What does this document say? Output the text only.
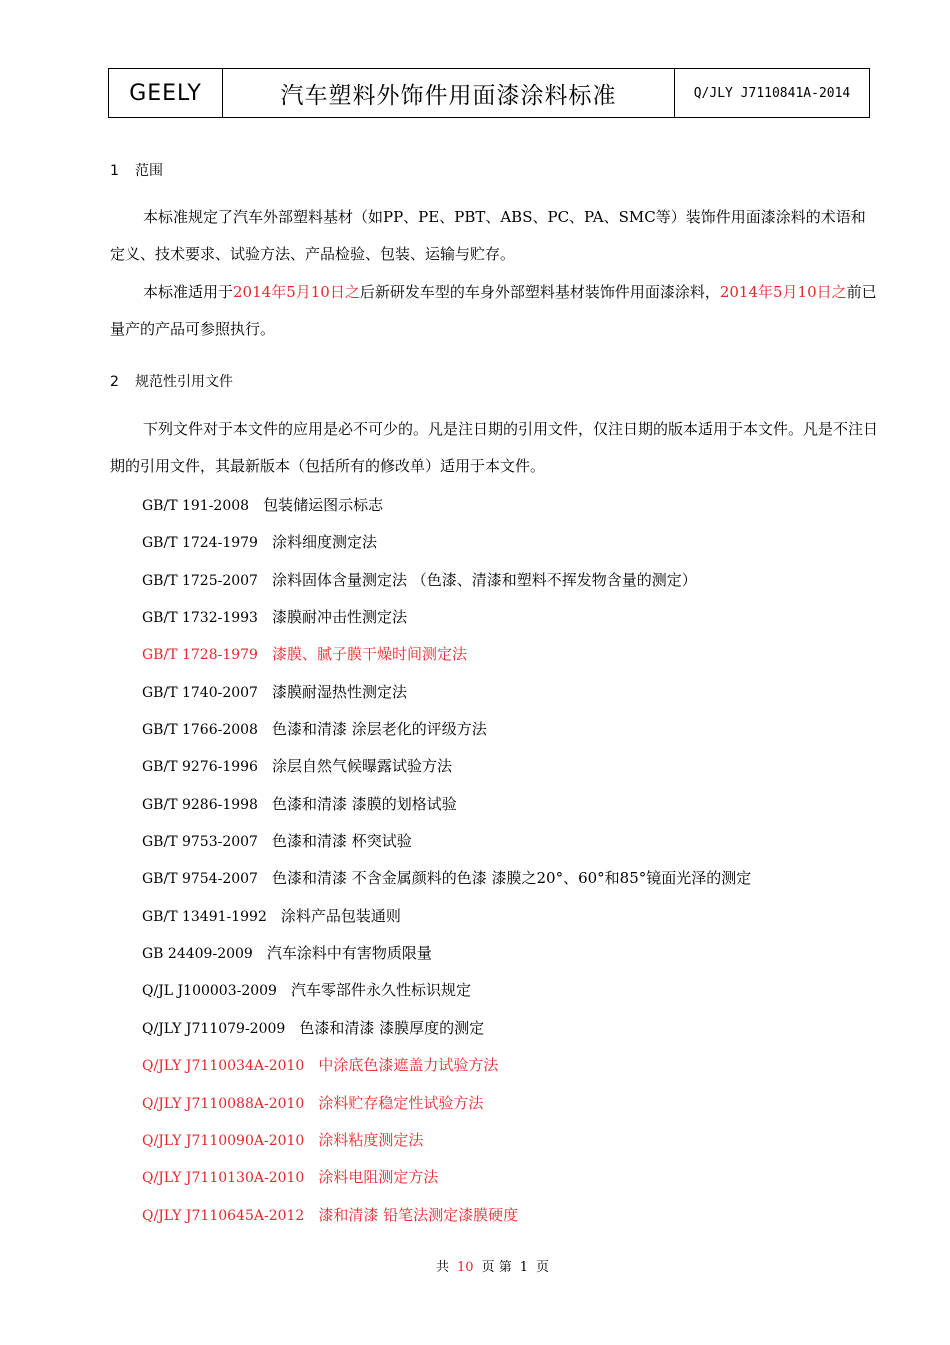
GEELY	汽车塑料外饰件用面漆涂料标准	Q/JLY J7110841A-2014
1 范围

本标准规定了汽车外部塑料基材（如PP、PE、PBT、ABS、PC、PA、SMC等）装饰件用面漆涂料的术语和定义、技术要求、试验方法、产品检验、包装、运输与贮存。

本标准适用于2014年5月10日之后新研发车型的车身外部塑料基材装饰件用面漆涂料，2014年5月10日之前已量产的产品可参照执行。

2 规范性引用文件

下列文件对于本文件的应用是必不可少的。凡是注日期的引用文件，仅注日期的版本适用于本文件。凡是不注日期的引用文件，其最新版本（包括所有的修改单）适用于本文件。

GB/T 191-2008 包装储运图示标志
GB/T 1724-1979 涂料细度测定法
GB/T 1725-2007 涂料固体含量测定法 （色漆、清漆和塑料不挥发物含量的测定）
GB/T 1732-1993 漆膜耐冲击性测定法
GB/T 1728-1979 漆膜、腻子膜干燥时间测定法
GB/T 1740-2007 漆膜耐湿热性测定法
GB/T 1766-2008 色漆和清漆 涂层老化的评级方法
GB/T 9276-1996 涂层自然气候曝露试验方法
GB/T 9286-1998 色漆和清漆 漆膜的划格试验
GB/T 9753-2007 色漆和清漆 杯突试验
GB/T 9754-2007 色漆和清漆 不含金属颜料的色漆 漆膜之20°、60°和85°镜面光泽的测定
GB/T 13491-1992 涂料产品包装通则
GB 24409-2009 汽车涂料中有害物质限量
Q/JL J100003-2009 汽车零部件永久性标识规定
Q/JLY J711079-2009 色漆和清漆 漆膜厚度的测定
Q/JLY J7110034A-2010 中涂底色漆遮盖力试验方法
Q/JLY J7110088A-2010 涂料贮存稳定性试验方法
Q/JLY J7110090A-2010 涂料粘度测定法
Q/JLY J7110130A-2010 涂料电阻测定方法
Q/JLY J7110645A-2012 漆和清漆 铅笔法测定漆膜硬度
共 10 页 第 1 页
